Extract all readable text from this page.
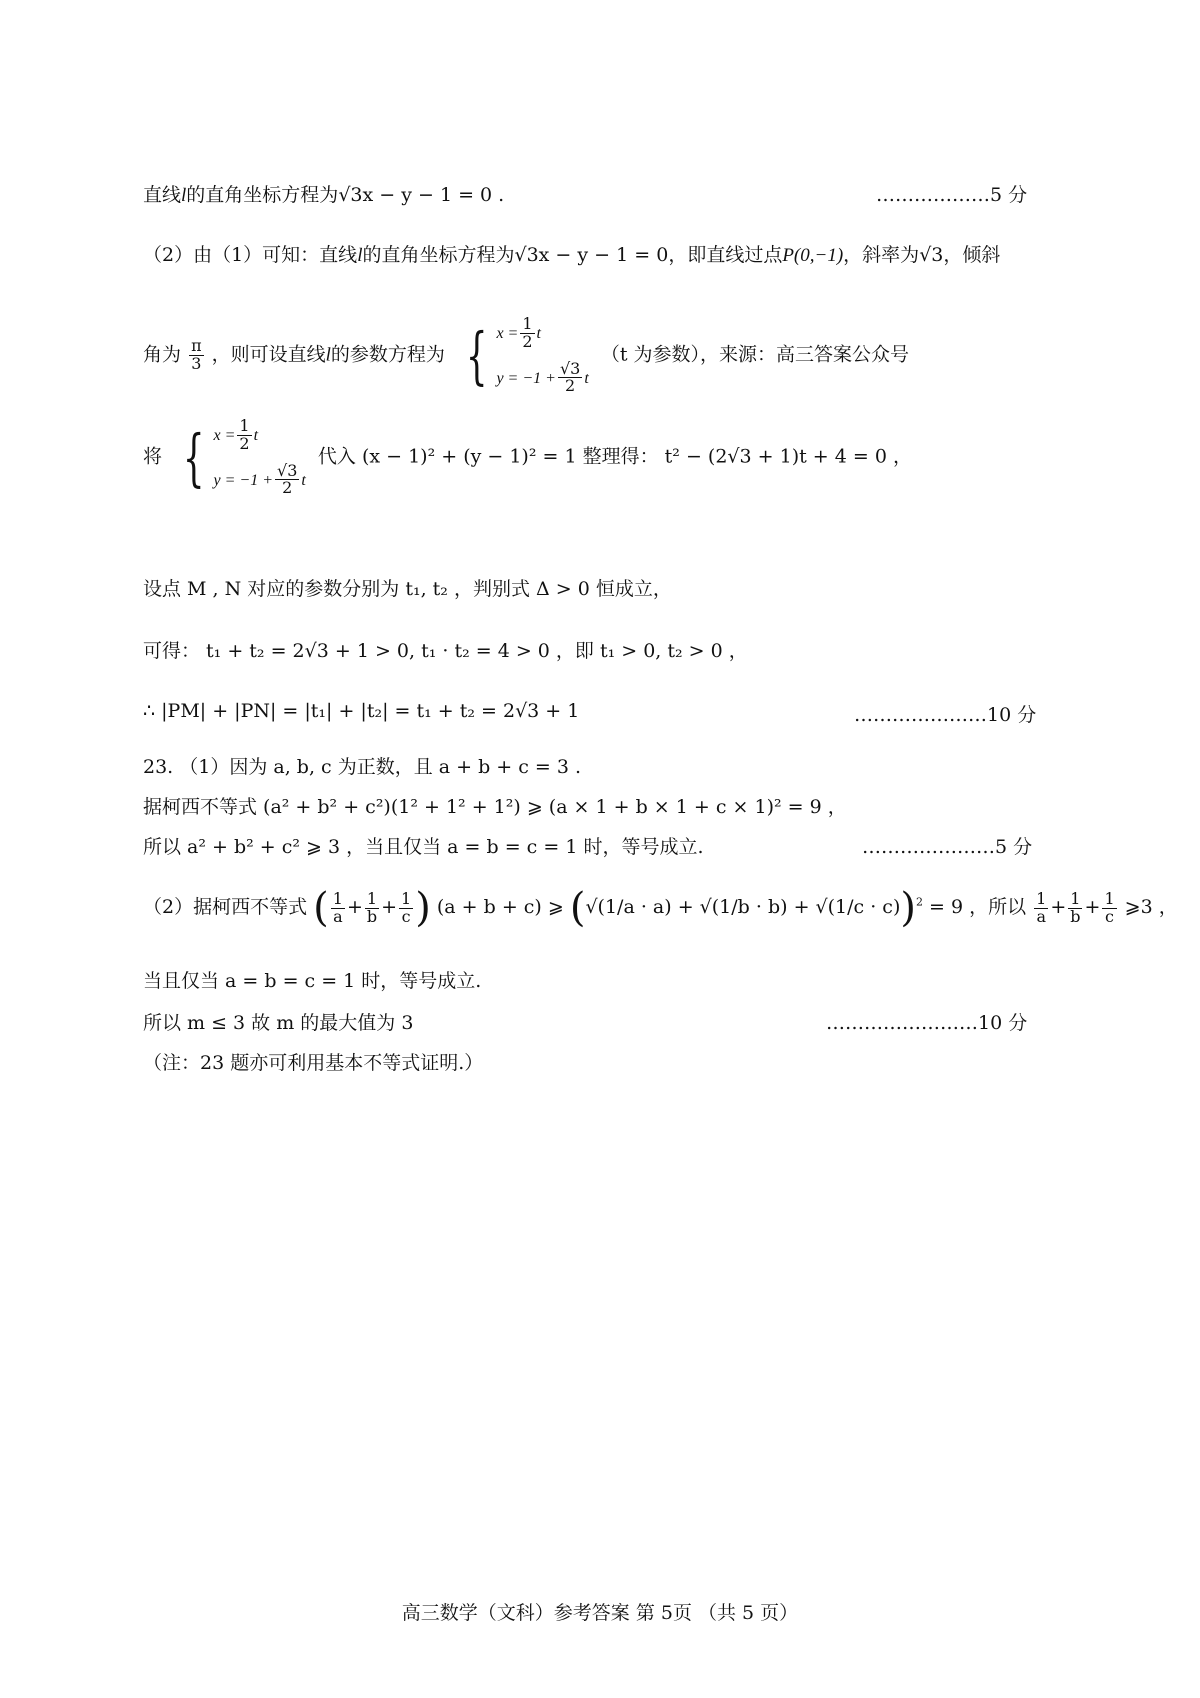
直线l的直角坐标方程为√3x − y − 1 = 0 .	………………5 分
（2）由（1）可知：直线l的直角坐标方程为√3x − y − 1 = 0，即直线过点P(0,−1)，斜率为√3，倾斜
角为 $\frac{\pi}{3}$ ，则可设直线l的参数方程为 { $x = \frac{1}{2}$ t
$y = -1 + \frac{√3}{2}$ t
（t 为参数），来源：高三答案公众号
将 { $x = \frac{1}{2}$ t
$y = -1 + \frac{√3}{2}$ t
代入 (x − 1)² + (y − 1)² = 1 整理得： t² − (2√3 + 1)t + 4 = 0 ，
设点 M , N 对应的参数分别为 t₁, t₂ ，判别式 Δ > 0 恒成立，
可得： t₁ + t₂ = 2√3 + 1 > 0, t₁ · t₂ = 4 > 0 ，即 t₁ > 0, t₂ > 0 ，
∴ |PM| + |PN| = |t₁| + |t₂| = t₁ + t₂ = 2√3 + 1	…………………10 分
23. （1）因为 a, b, c 为正数，且 a + b + c = 3 .
据柯西不等式 (a² + b² + c²)(1² + 1² + 1²) ⩾ (a × 1 + b × 1 + c × 1)² = 9 ，
所以 a² + b² + c² ⩾ 3 ，当且仅当 a = b = c = 1 时，等号成立.	…………………5 分
（2）据柯西不等式 ( $\frac{1}{a} + \frac{1}{b} + \frac{1}{c}$ ) (a + b + c) ⩾ $(√(1/a \cdot a) + √(1/b \cdot b) + √(1/c \cdot c))^2 = 9$ ，所以 $\frac{1}{a} + \frac{1}{b} + \frac{1}{c}$ ⩾3 ，
当且仅当 a = b = c = 1 时，等号成立.
所以 m ≤ 3 故 m 的最大值为 3	……………………10 分
（注：23 题亦可利用基本不等式证明.）
高三数学（文科）参考答案 第 5页 （共 5 页）
